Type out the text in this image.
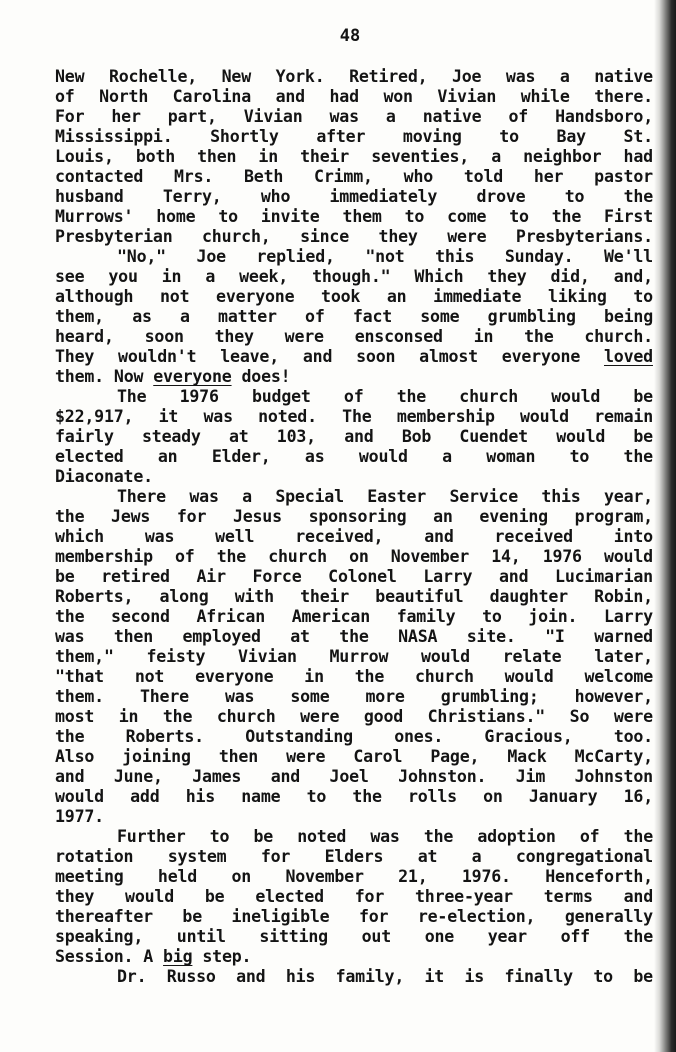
48
New Rochelle, New York. Retired, Joe was a native
of North Carolina and had won Vivian while there.
For her part, Vivian was a native of Handsboro,
Mississippi. Shortly after moving to Bay St.
Louis, both then in their seventies, a neighbor had
contacted Mrs. Beth Crimm, who told her pastor
husband Terry, who immediately drove to the
Murrows' home to invite them to come to the First
Presbyterian church, since they were Presbyterians.
"No," Joe replied, "not this Sunday. We'll
see you in a week, though." Which they did, and,
although not everyone took an immediate liking to
them, as a matter of fact some grumbling being
heard, soon they were ensconsed in the church.
They wouldn't leave, and soon almost everyone loved
them. Now everyone does!
The 1976 budget of the church would be
$22,917, it was noted. The membership would remain
fairly steady at 103, and Bob Cuendet would be
elected an Elder, as would a woman to the
Diaconate.
There was a Special Easter Service this year,
the Jews for Jesus sponsoring an evening program,
which was well received, and received into
membership of the church on November 14, 1976 would
be retired Air Force Colonel Larry and Lucimarian
Roberts, along with their beautiful daughter Robin,
the second African American family to join. Larry
was then employed at the NASA site. "I warned
them," feisty Vivian Murrow would relate later,
"that not everyone in the church would welcome
them. There was some more grumbling; however,
most in the church were good Christians." So were
the Roberts. Outstanding ones. Gracious, too.
Also joining then were Carol Page, Mack McCarty,
and June, James and Joel Johnston. Jim Johnston
would add his name to the rolls on January 16,
1977.
Further to be noted was the adoption of the
rotation system for Elders at a congregational
meeting held on November 21, 1976. Henceforth,
they would be elected for three-year terms and
thereafter be ineligible for re-election, generally
speaking, until sitting out one year off the
Session. A big step.
Dr. Russo and his family, it is finally to be
